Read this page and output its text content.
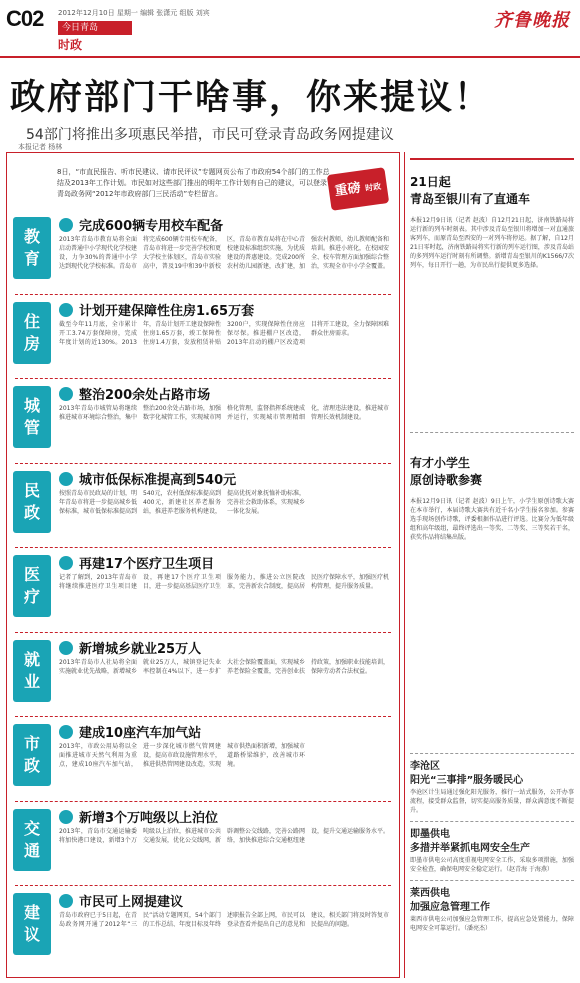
C02 2012年12月10日 星期一 编辑 张潇元 组版 刘宾
今日青岛
时政
齐鲁晚报
政府部门干啥事，你来提议！
54部门将推出多项惠民举措，市民可登录青岛政务网提建议
本报记者 杨林
8日，“市直民报告、听市民建议、请市民评议”专题网页公布了市政府54个部门的工作总结及2013年工作计划。市民如对这些部门推出的明年工作计划有自己的建议，可以登录青岛政务网“2012年市政府部门三民活动”专栏留言。	重磅 时政
教
育
完成600辆专用校车配备
2013年青岛市教育局将全面启动普通中小学现代化学校建设，力争30%的普通中小学达到现代化学校标准。青岛市将完成600辆专用校车配备，青岛市将进一步完善学校和更大学校主体划区，青岛市实验高中，普及19中和39中新校区，青岛市教育局将在中心青校建设标准组织实施，为优质建设的普惠建设。完成200所农村幼儿园新建，改扩建，加强农村教师，幼儿教师配备和培训。推进小班化，在校园安全、校车管理方面加强综合整治，实现全市中小学全覆盖。
住
房
计划开建保障性住房1.65万套
截至今年11月底，全市累计开工3.74万套保障房，完成年度计划的近130%。2013年，青岛计划开工建设保障性住房1.65万套，竣工保障性住房1.4万套，发放租赁补贴3200户，实现保障性住房应保尽保。推进棚户区改造，2013年启动的棚户区改造项目将开工建设，全力保障困难群众住房需求。
城
管
整治200余处占路市场
2013年青岛市城管局将继续推进城市环境综合整治，集中整治200余处占路市场，加强数字化城管工作，实现城市网格化管理，监督指挥系统建成并运行，实现城市管理精细化，清理违法建设，推进城市管理长效机制建设。
民
政
城市低保标准提高到540元
按照青岛市民政局的计划，明年青岛市将进一步提高城乡低保标准，城市低保标准提高到540元，农村低保标准提高到400元，新建社区养老服务站，推进养老服务机构建设，提高优抚对象抚恤补助标准，完善社会救助体系，实现城乡一体化发展。
医
疗
再建17个医疗卫生项目
记者了解到，2013年青岛市将继续推进医疗卫生项目建设，再建17个医疗卫生项目，进一步提高基层医疗卫生服务能力，推进公立医院改革，完善新农合制度，提高居民医疗保障水平，加强医疗机构管理，提升服务质量。
就
业
新增城乡就业25万人
2013年青岛市人社局将全面实施就业优先战略，新增城乡就业25万人，城镇登记失业率控制在4%以下，进一步扩大社会保险覆盖面，实现城乡养老保险全覆盖，完善创业扶持政策，加强职业技能培训，保障劳动者合法权益。
市
政
建成10座汽车加气站
2013年，市政公用局将以全面推进城市天然气利用为重点，建成10座汽车加气站，进一步深化城市燃气管网建设，提高市政设施管理水平，推进供热管网建设改造，实现城市供热面积新增，加强城市道路桥梁维护，改善城市环境。
交
通
新增3个万吨级以上泊位
2013年，青岛市交通运输委将加快港口建设，新增3个万吨级以上泊位，推进城市公共交通发展，优化公交线网，新辟调整公交线路，完善公路网络，加快推进综合交通枢纽建设，提升交通运输服务水平。
建
议
市民可上网提建议
青岛市政府已于5日起，在青岛政务网开通了2012年“三民”活动专题网页，54个部门的工作总结、年度目标及年终述职报告全部上网，市民可以登录查看并提出自己的意见和建议，相关部门将及时答复市民提出的问题。
21日起
青岛至银川有了直通车
本报12月9日讯（记者 赵波）自12月21日起，济南铁路局将运行新的列车时刻表。其中涉及青岛至银川将增加一对直通旅客列车，而原青岛至西安的一对列车将停运。据了解，自12月21日零时起，济南铁路局将实行新的列车运行图，涉及青岛站的多列列车运行时刻有所调整。新增青岛至银川的K1566/7次列车，每日开行一趟，为市民出行提供更多选择。
有才小学生
原创诗歌参赛
本报12月9日讯（记者 赵波）9日上午，小学生原创诗歌大赛在本市举行，本届诗歌大赛共有近千名小学生报名参加。参赛选手现场创作诗歌，评委根据作品进行评选。比赛分为低年级组和高年级组，最终评选出一等奖、二等奖、三等奖若干名，获奖作品将结集出版。
李沧区
阳光“三事排”服务暖民心
李沧区计生局通过强化阳光服务，推行一站式服务，公开办事流程，接受群众监督，切实提高服务质量，群众满意度不断提升。
即墨供电
多措并举紧抓电网安全生产
即墨市供电公司高度重视电网安全工作，采取多项措施，加强安全检查，确保电网安全稳定运行。（赵青海 于海燕）
莱西供电
加强应急管理工作
莱西市供电公司加强应急管理工作，提高应急处置能力，保障电网安全可靠运行。（潘亮杰）
